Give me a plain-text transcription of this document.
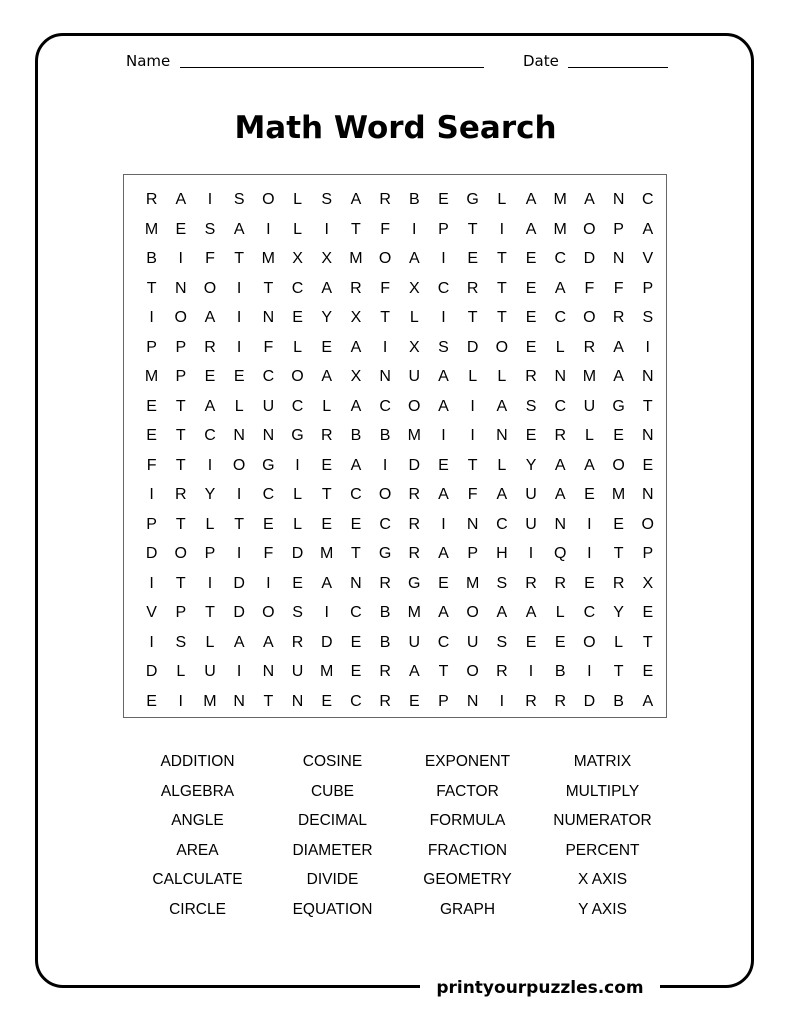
Name	Date
Math Word Search
R	A	I	S	O	L	S	A	R	B	E	G	L	A	M	A	N	C
M	E	S	A	I	L	I	T	F	I	P	T	I	A	M	O	P	A
B	I	F	T	M	X	X	M	O	A	I	E	T	E	C	D	N	V
T	N	O	I	T	C	A	R	F	X	C	R	T	E	A	F	F	P
I	O	A	I	N	E	Y	X	T	L	I	T	T	E	C	O	R	S
P	P	R	I	F	L	E	A	I	X	S	D	O	E	L	R	A	I
M	P	E	E	C	O	A	X	N	U	A	L	L	R	N	M	A	N
E	T	A	L	U	C	L	A	C	O	A	I	A	S	C	U	G	T
E	T	C	N	N	G	R	B	B	M	I	I	N	E	R	L	E	N
F	T	I	O	G	I	E	A	I	D	E	T	L	Y	A	A	O	E
I	R	Y	I	C	L	T	C	O	R	A	F	A	U	A	E	M	N
P	T	L	T	E	L	E	E	C	R	I	N	C	U	N	I	E	O
D	O	P	I	F	D	M	T	G	R	A	P	H	I	Q	I	T	P
I	T	I	D	I	E	A	N	R	G	E	M	S	R	R	E	R	X
V	P	T	D	O	S	I	C	B	M	A	O	A	A	L	C	Y	E
I	S	L	A	A	R	D	E	B	U	C	U	S	E	E	O	L	T
D	L	U	I	N	U	M	E	R	A	T	O	R	I	B	I	T	E
E	I	M	N	T	N	E	C	R	E	P	N	I	R	R	D	B	A
ADDITION	COSINE	EXPONENT	MATRIX
ALGEBRA	CUBE	FACTOR	MULTIPLY
ANGLE	DECIMAL	FORMULA	NUMERATOR
AREA	DIAMETER	FRACTION	PERCENT
CALCULATE	DIVIDE	GEOMETRY	X AXIS
CIRCLE	EQUATION	GRAPH	Y AXIS
printyourpuzzles.com
